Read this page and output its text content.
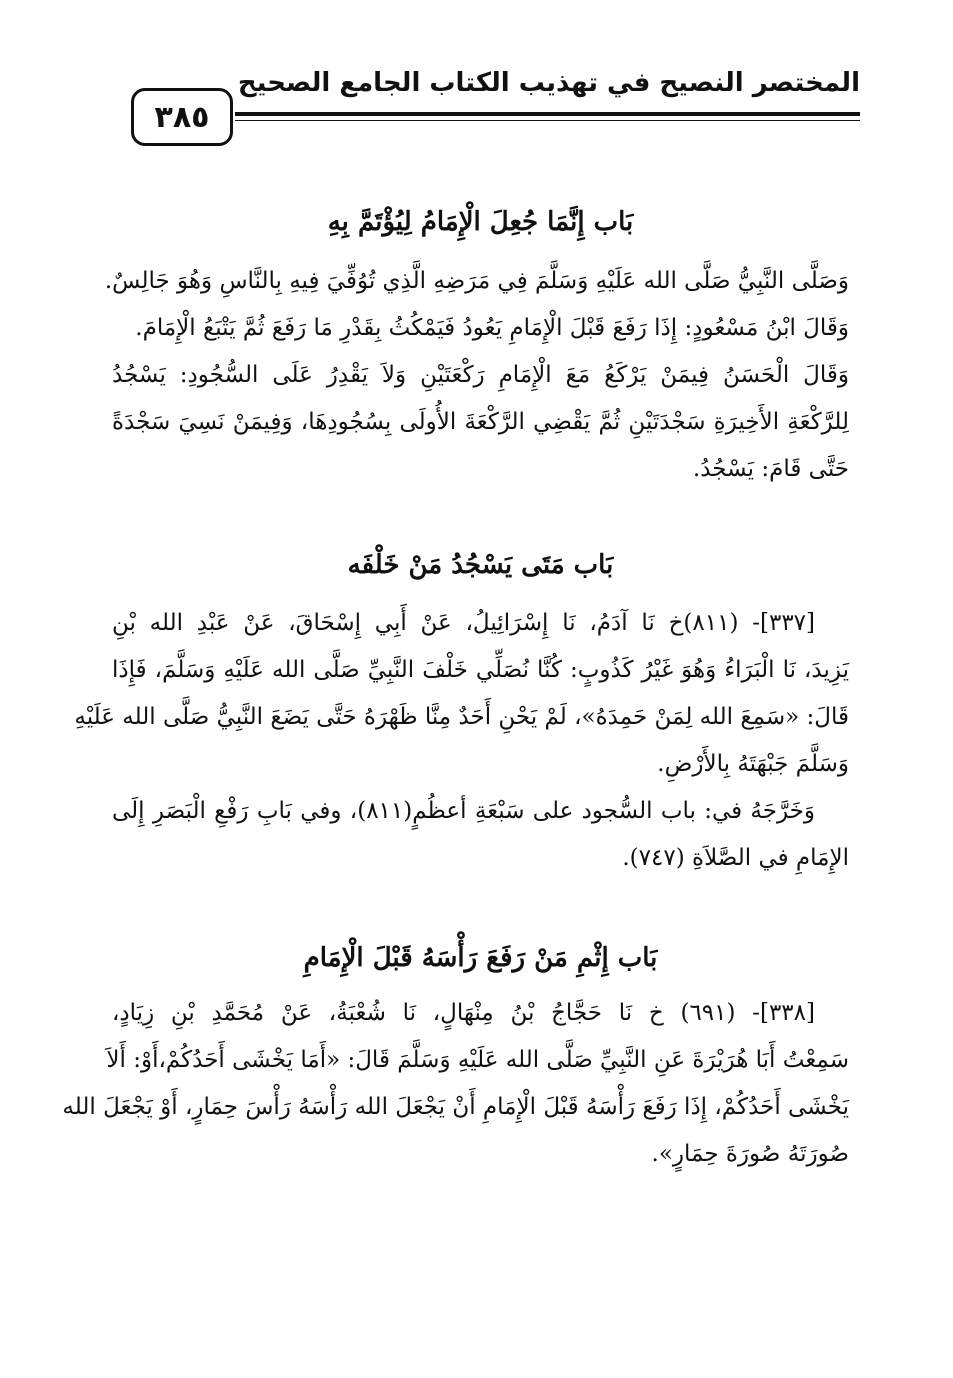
المختصر النصيح في تهذيب الكتاب الجامع الصحيح
٣٨٥
بَاب إِنَّمَا جُعِلَ الْإِمَامُ لِيُؤْتَمَّ بِهِ
وَصَلَّى النَّبِيُّ صَلَّى الله عَلَيْهِ وَسَلَّمَ فِي مَرَضِهِ الَّذِي تُوُفِّيَ فِيهِ بِالنَّاسِ وَهُوَ جَالِسٌ.
وَقَالَ ابْنُ مَسْعُودٍ: إِذَا رَفَعَ قَبْلَ الْإِمَامِ يَعُودُ فَيَمْكُثُ بِقَدْرِ مَا رَفَعَ ثُمَّ يَتْبَعُ الْإِمَامَ.
وَقَالَ الْحَسَنُ فِيمَنْ يَرْكَعُ مَعَ الْإِمَامِ رَكْعَتَيْنِ وَلاَ يَقْدِرُ عَلَى السُّجُودِ: يَسْجُدُ
لِلرَّكْعَةِ الأَخِيرَةِ سَجْدَتَيْنِ ثُمَّ يَقْضِي الرَّكْعَةَ الأُولَى بِسُجُودِهَا، وَفِيمَنْ نَسِيَ سَجْدَةً
حَتَّى قَامَ: يَسْجُدُ.
بَاب مَتَى يَسْجُدُ مَنْ خَلْفَه
[٣٣٧]- (٨١١)خ نَا آدَمُ، نَا إِسْرَائِيلُ، عَنْ أَبِي إِسْحَاقَ، عَنْ عَبْدِ الله بْنِ
يَزِيدَ، نَا الْبَرَاءُ وَهُوَ غَيْرُ كَذُوبٍ: كُنَّا نُصَلِّي خَلْفَ النَّبِيِّ صَلَّى الله عَلَيْهِ وَسَلَّمَ، فَإِذَا
قَالَ: «سَمِعَ الله لِمَنْ حَمِدَهُ»، لَمْ يَحْنِ أَحَدٌ مِنَّا ظَهْرَهُ حَتَّى يَضَعَ النَّبِيُّ صَلَّى الله عَلَيْهِ
وَسَلَّمَ جَبْهَتَهُ بِالأَرْضِ.
وَخَرَّجَهُ في: باب السُّجود على سَبْعَةِ أعظُمٍ(٨١١)، وفي بَابِ رَفْعِ الْبَصَرِ إِلَى
الإِمَامِ في الصَّلاَةِ (٧٤٧).
بَاب إِثْمِ مَنْ رَفَعَ رَأْسَهُ قَبْلَ الْإِمَامِ
[٣٣٨]- (٦٩١) خ نَا حَجَّاجُ بْنُ مِنْهَالٍ، نَا شُعْبَةُ، عَنْ مُحَمَّدِ بْنِ زِيَادٍ،
سَمِعْتُ أَبَا هُرَيْرَةَ عَنِ النَّبِيِّ صَلَّى الله عَلَيْهِ وَسَلَّمَ قَالَ: «أَمَا يَخْشَى أَحَدُكُمْ،أَوْ: أَلاَ
يَخْشَى أَحَدُكُمْ، إِذَا رَفَعَ رَأْسَهُ قَبْلَ الْإِمَامِ أَنْ يَجْعَلَ الله رَأْسَهُ رَأْسَ حِمَارٍ، أَوْ يَجْعَلَ الله
صُورَتَهُ صُورَةَ حِمَارٍ».
